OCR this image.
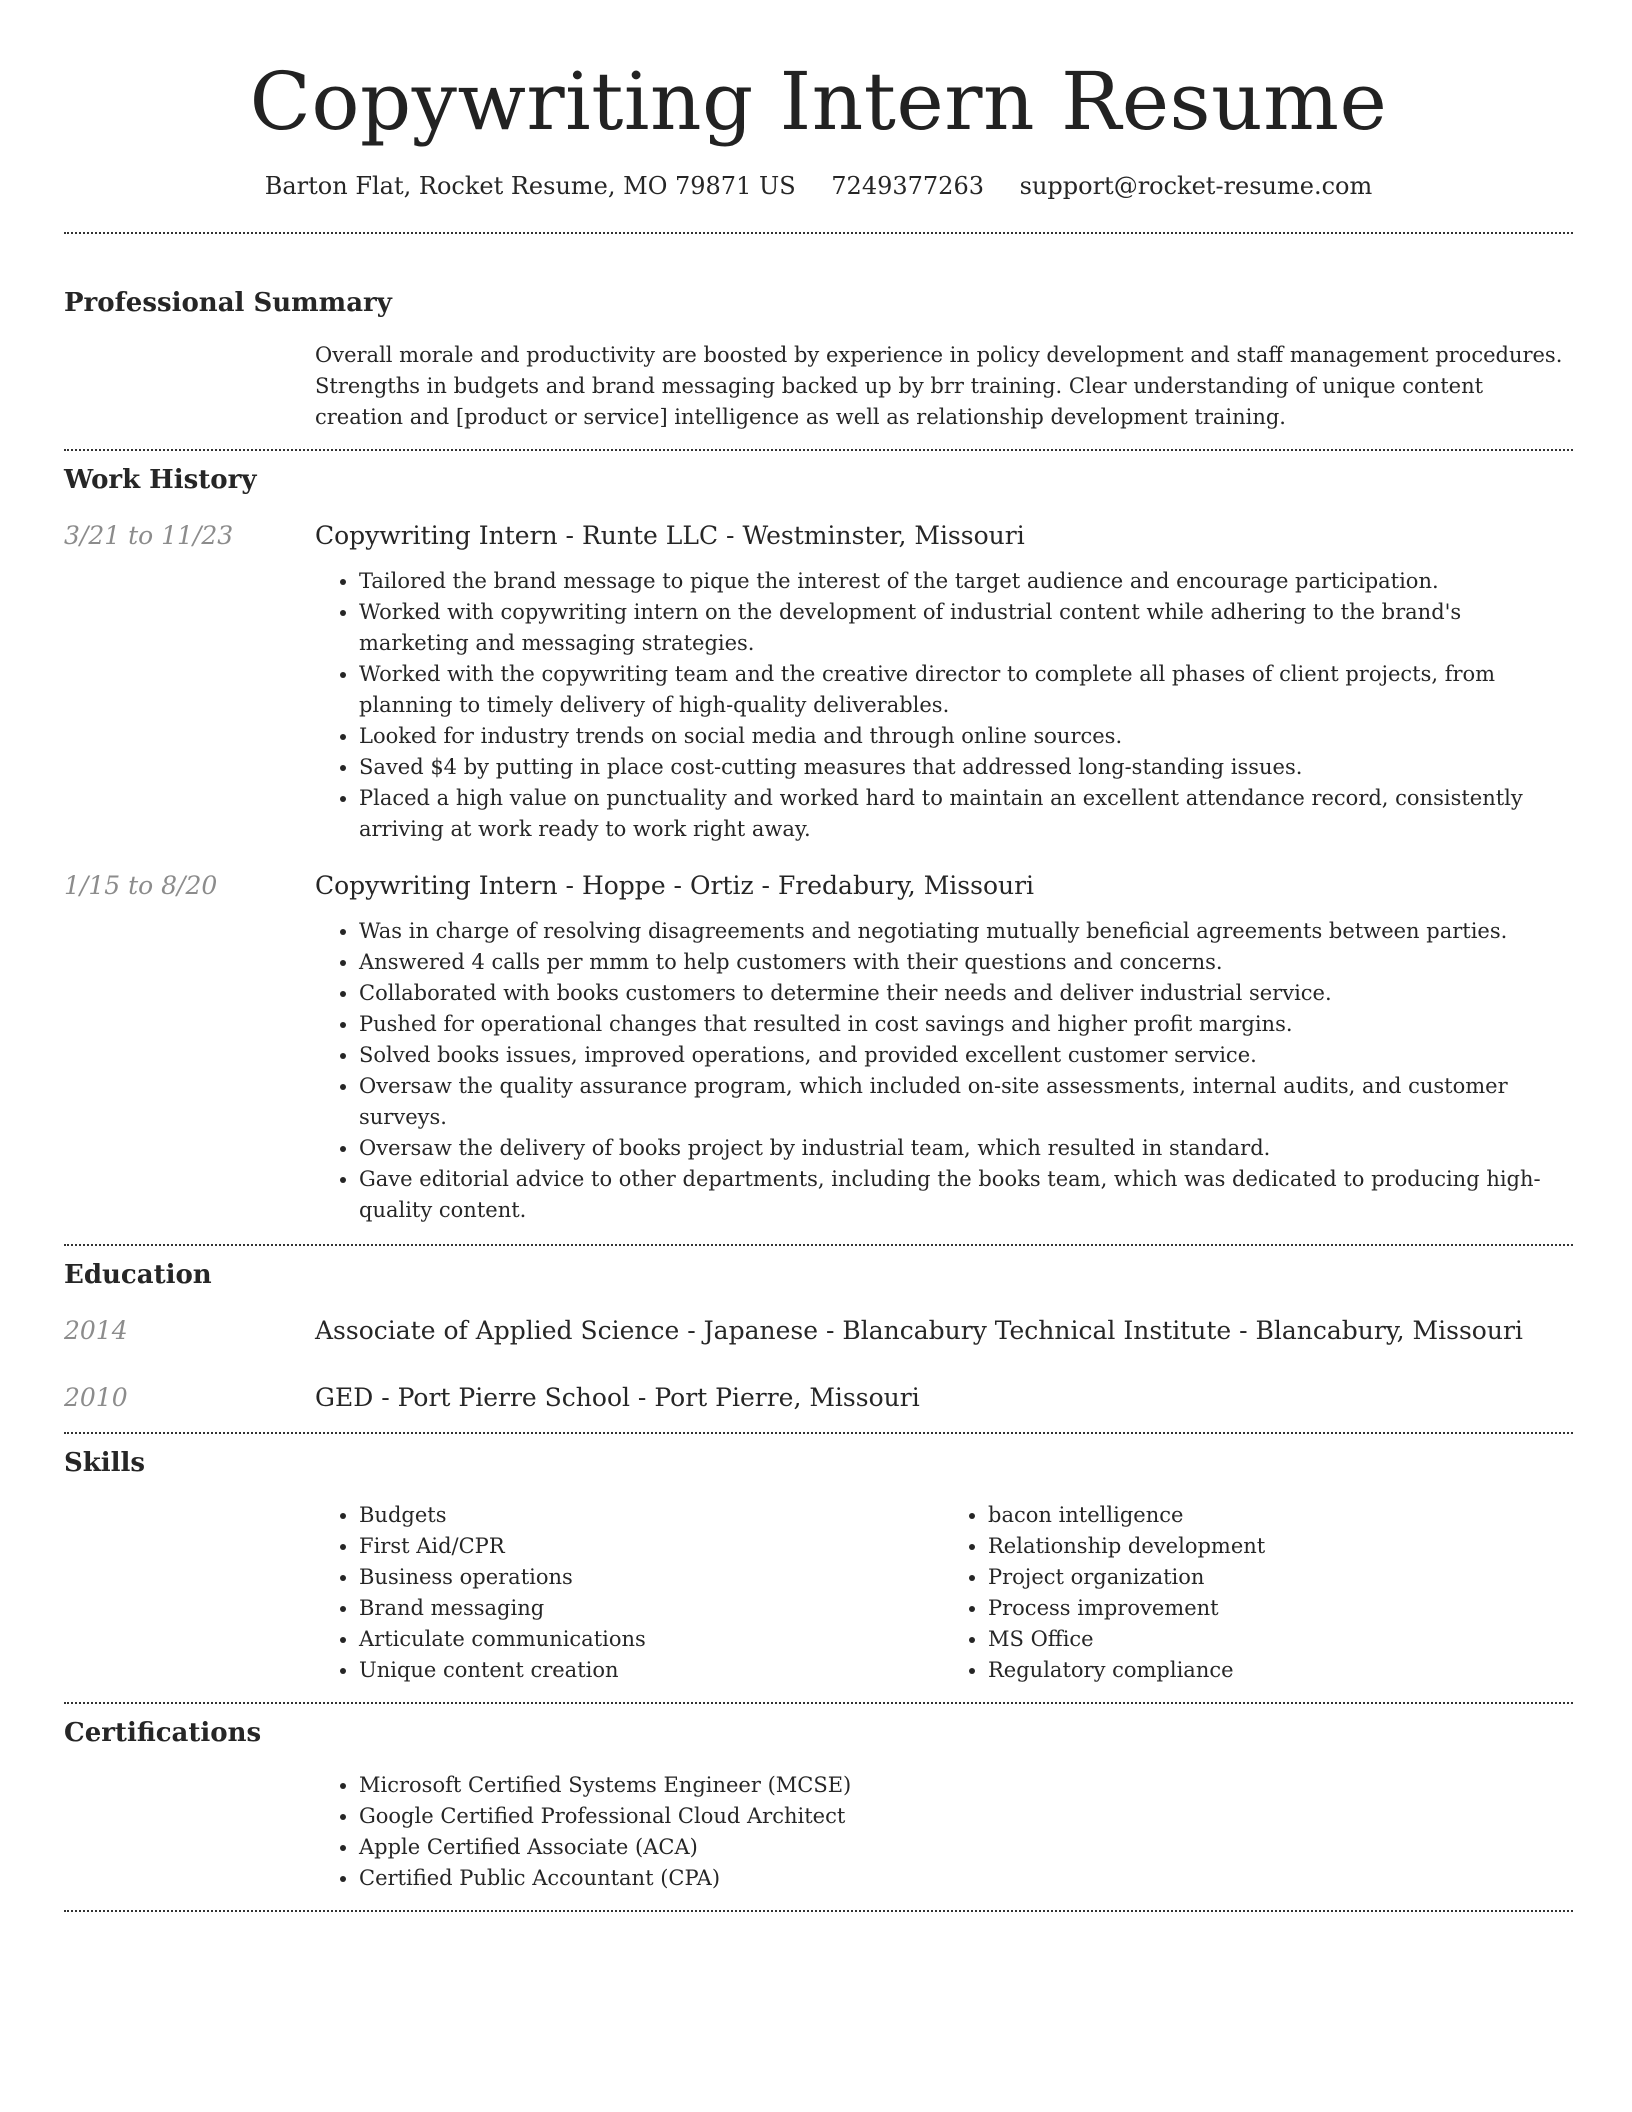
Copywriting Intern Resume
Barton Flat, Rocket Resume, MO 79871 US 7249377263 support@rocket-resume.com
Professional Summary

Overall morale and productivity are boosted by experience in policy development and staff management procedures. Strengths in budgets and brand messaging backed up by brr training. Clear understanding of unique content creation and [product or service] intelligence as well as relationship development training.

Work History
3/21 to 11/23	Copywriting Intern - Runte LLC - Westminster, Missouri
• Tailored the brand message to pique the interest of the target audience and encourage participation.
• Worked with copywriting intern on the development of industrial content while adhering to the brand's marketing and messaging strategies.
• Worked with the copywriting team and the creative director to complete all phases of client projects, from planning to timely delivery of high-quality deliverables.
• Looked for industry trends on social media and through online sources.
• Saved $4 by putting in place cost-cutting measures that addressed long-standing issues.
• Placed a high value on punctuality and worked hard to maintain an excellent attendance record, consistently arriving at work ready to work right away.
1/15 to 8/20	Copywriting Intern - Hoppe - Ortiz - Fredabury, Missouri
• Was in charge of resolving disagreements and negotiating mutually beneficial agreements between parties.
• Answered 4 calls per mmm to help customers with their questions and concerns.
• Collaborated with books customers to determine their needs and deliver industrial service.
• Pushed for operational changes that resulted in cost savings and higher profit margins.
• Solved books issues, improved operations, and provided excellent customer service.
• Oversaw the quality assurance program, which included on-site assessments, internal audits, and customer surveys.
• Oversaw the delivery of books project by industrial team, which resulted in standard.
• Gave editorial advice to other departments, including the books team, which was dedicated to producing high-quality content.
Education
2014	Associate of Applied Science - Japanese - Blancabury Technical Institute - Blancabury, Missouri
2010	GED - Port Pierre School - Port Pierre, Missouri
Skills
• Budgets
• First Aid/CPR
• Business operations
• Brand messaging
• Articulate communications
• Unique content creation
• bacon intelligence
• Relationship development
• Project organization
• Process improvement
• MS Office
• Regulatory compliance
Certifications
• Microsoft Certified Systems Engineer (MCSE)
• Google Certified Professional Cloud Architect
• Apple Certified Associate (ACA)
• Certified Public Accountant (CPA)
